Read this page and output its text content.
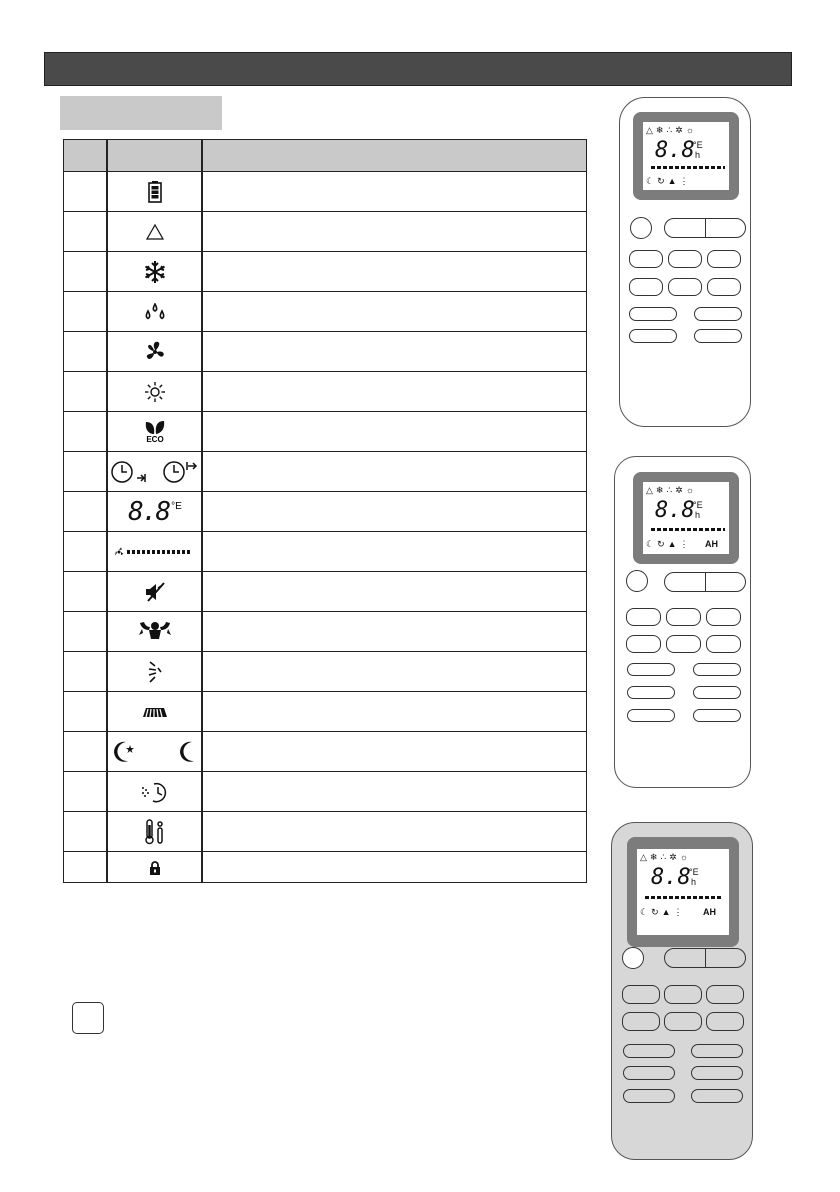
ECO
8.8 °E
△❄∴✲☼
8.8
°E
h
☾↻▲⋮
△❄∴✲☼
8.8
°E
h
☾↻▲⋮ AH
△❄∴✲☼
8.8
°E
h
☾↻▲⋮ AH
